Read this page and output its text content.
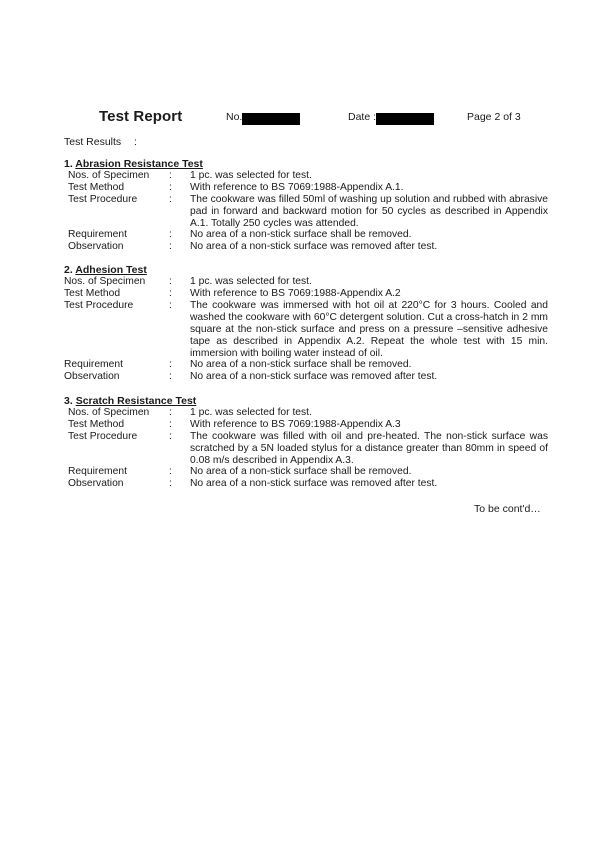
Test Report	No.	Date :	Page 2 of 3
Test Results :
1. Abrasion Resistance Test
Nos. of Specimen : 1 pc. was selected for test.
Test Method	: With reference to BS 7069:1988-Appendix A.1.
Test Procedure	: The cookware was filled 50ml of washing up solution and rubbed with abrasive pad in forward and backward motion for 50 cycles as described in Appendix A.1. Totally 250 cycles was attended.
Requirement	: No area of a non-stick surface shall be removed.
Observation	: No area of a non-stick surface was removed after test.
2. Adhesion Test
Nos. of Specimen : 1 pc. was selected for test.
Test Method	: With reference to BS 7069:1988-Appendix A.2
Test Procedure	: The cookware was immersed with hot oil at 220°C for 3 hours. Cooled and washed the cookware with 60°C detergent solution. Cut a cross-hatch in 2 mm square at the non-stick surface and press on a pressure –sensitive adhesive tape as described in Appendix A.2. Repeat the whole test with 15 min. immersion with boiling water instead of oil.
Requirement	: No area of a non-stick surface shall be removed.
Observation	: No area of a non-stick surface was removed after test.
3. Scratch Resistance Test
Nos. of Specimen : 1 pc. was selected for test.
Test Method	: With reference to BS 7069:1988-Appendix A.3
Test Procedure	: The cookware was filled with oil and pre-heated. The non-stick surface was scratched by a 5N loaded stylus for a distance greater than 80mm in speed of 0.08 m/s described in Appendix A.3.
Requirement	: No area of a non-stick surface shall be removed.
Observation	: No area of a non-stick surface was removed after test.
To be cont'd…
